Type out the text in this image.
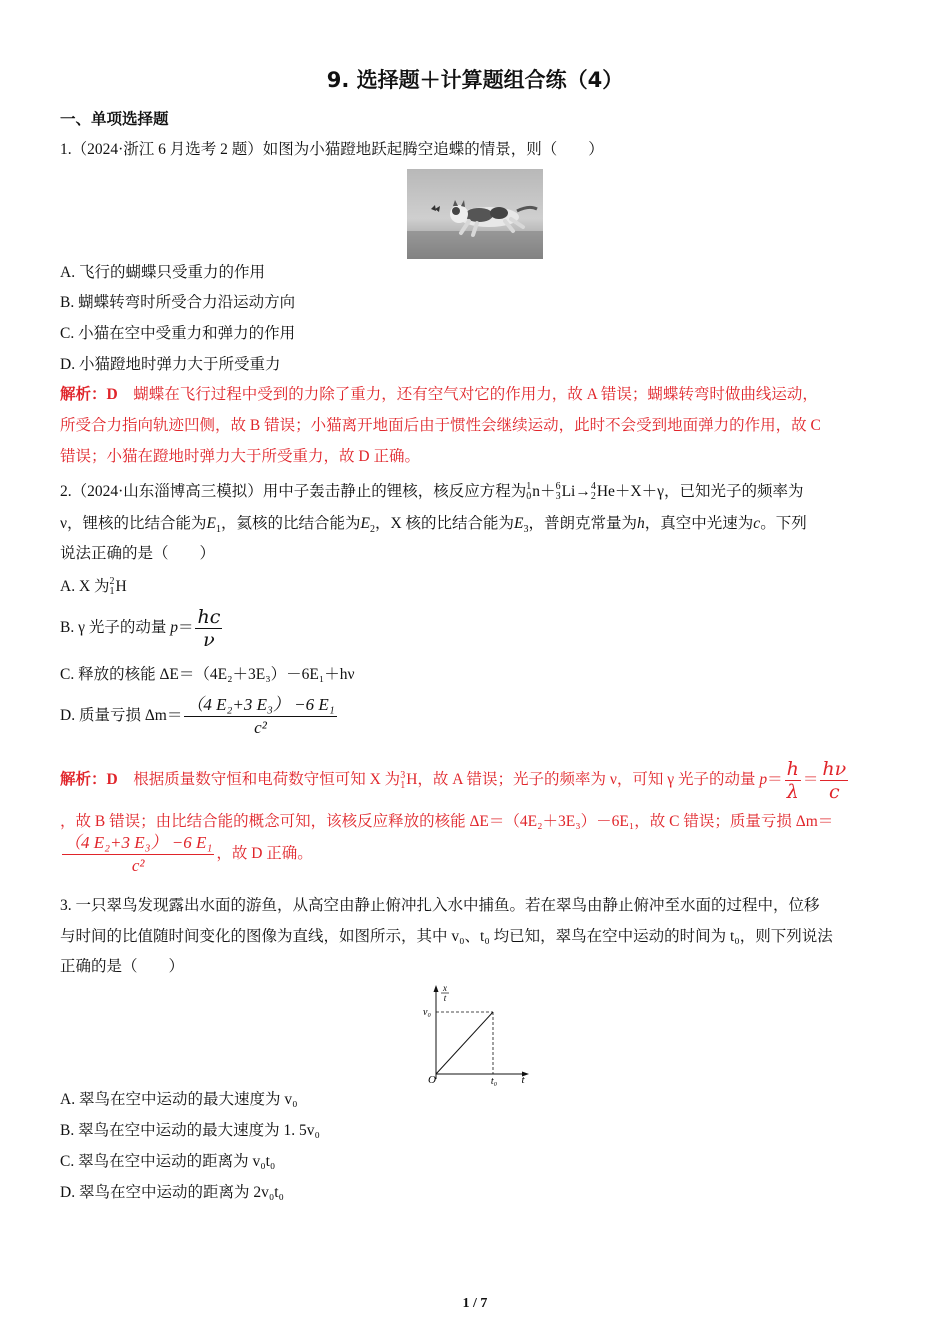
9. 选择题＋计算题组合练（4）
一、单项选择题
1.（2024·浙江 6 月选考 2 题）如图为小猫蹬地跃起腾空追蝶的情景，则（　　）
A. 飞行的蝴蝶只受重力的作用
B. 蝴蝶转弯时所受合力沿运动方向
C. 小猫在空中受重力和弹力的作用
D. 小猫蹬地时弹力大于所受重力
解析：D　 蝴蝶在飞行过程中受到的力除了重力，还有空气对它的作用力，故 A 错误；蝴蝶转弯时做曲线运动，
所受合力指向轨迹凹侧，故 B 错误；小猫离开地面后由于惯性会继续运动，此时不会受到地面弹力的作用，故 C
错误；小猫在蹬地时弹力大于所受重力，故 D 正确。
2.（2024·山东淄博高三模拟）用中子轰击静止的锂核，核反应方程为 1
0 n＋ 6
3 Li→ 4
2 He＋X＋γ，已知光子的频率为
ν，锂核的比结合能为$E_1$，氦核的比结合能为$E_2$，X 核的比结合能为$E_3$，普朗克常量为h，真空中光速为c。下列
说法正确的是（　　）
A. X 为 2
1 H
B. γ 光子的动量 $p= \frac{hc}{\nu}$
C. 释放的核能 ΔE＝（4E₂＋3E₃）－6E₁＋hν
D. 质量亏损 $\Delta m= \frac{\text{（4 E₂+3 E₃） −6 E₁}}{\text{c²}}$
解析：D　 根据质量数守恒和电荷数守恒可知 X 为 3
1 H，故 A 错误；光子的频率为 ν，可知 γ 光子的动量 $p= \frac{h}{\lambda} = \frac{h\nu}{c}$
，故 B 错误；由比结合能的概念可知，该核反应释放的核能 ΔE＝（4E₂＋3E₃）－6E₁，故 C 错误；质量亏损 Δm＝
$\frac{\text{（4 E₂+3 E₃） −6 E₁}}{\text{c²}}$ ，故 D 正确。
3. 一只翠鸟发现露出水面的游鱼，从高空由静止俯冲扎入水中捕鱼。若在翠鸟由静止俯冲至水面的过程中，位移
与时间的比值随时间变化的图像为直线，如图所示，其中 v₀、t₀ 均已知，翠鸟在空中运动的时间为 t₀，则下列说法
正确的是（　　）
x
t
v₀
O	t₀ t
A. 翠鸟在空中运动的最大速度为 v₀
B. 翠鸟在空中运动的最大速度为 1. 5v₀
C. 翠鸟在空中运动的距离为 v₀t₀
D. 翠鸟在空中运动的距离为 2v₀t₀
1 / 7
